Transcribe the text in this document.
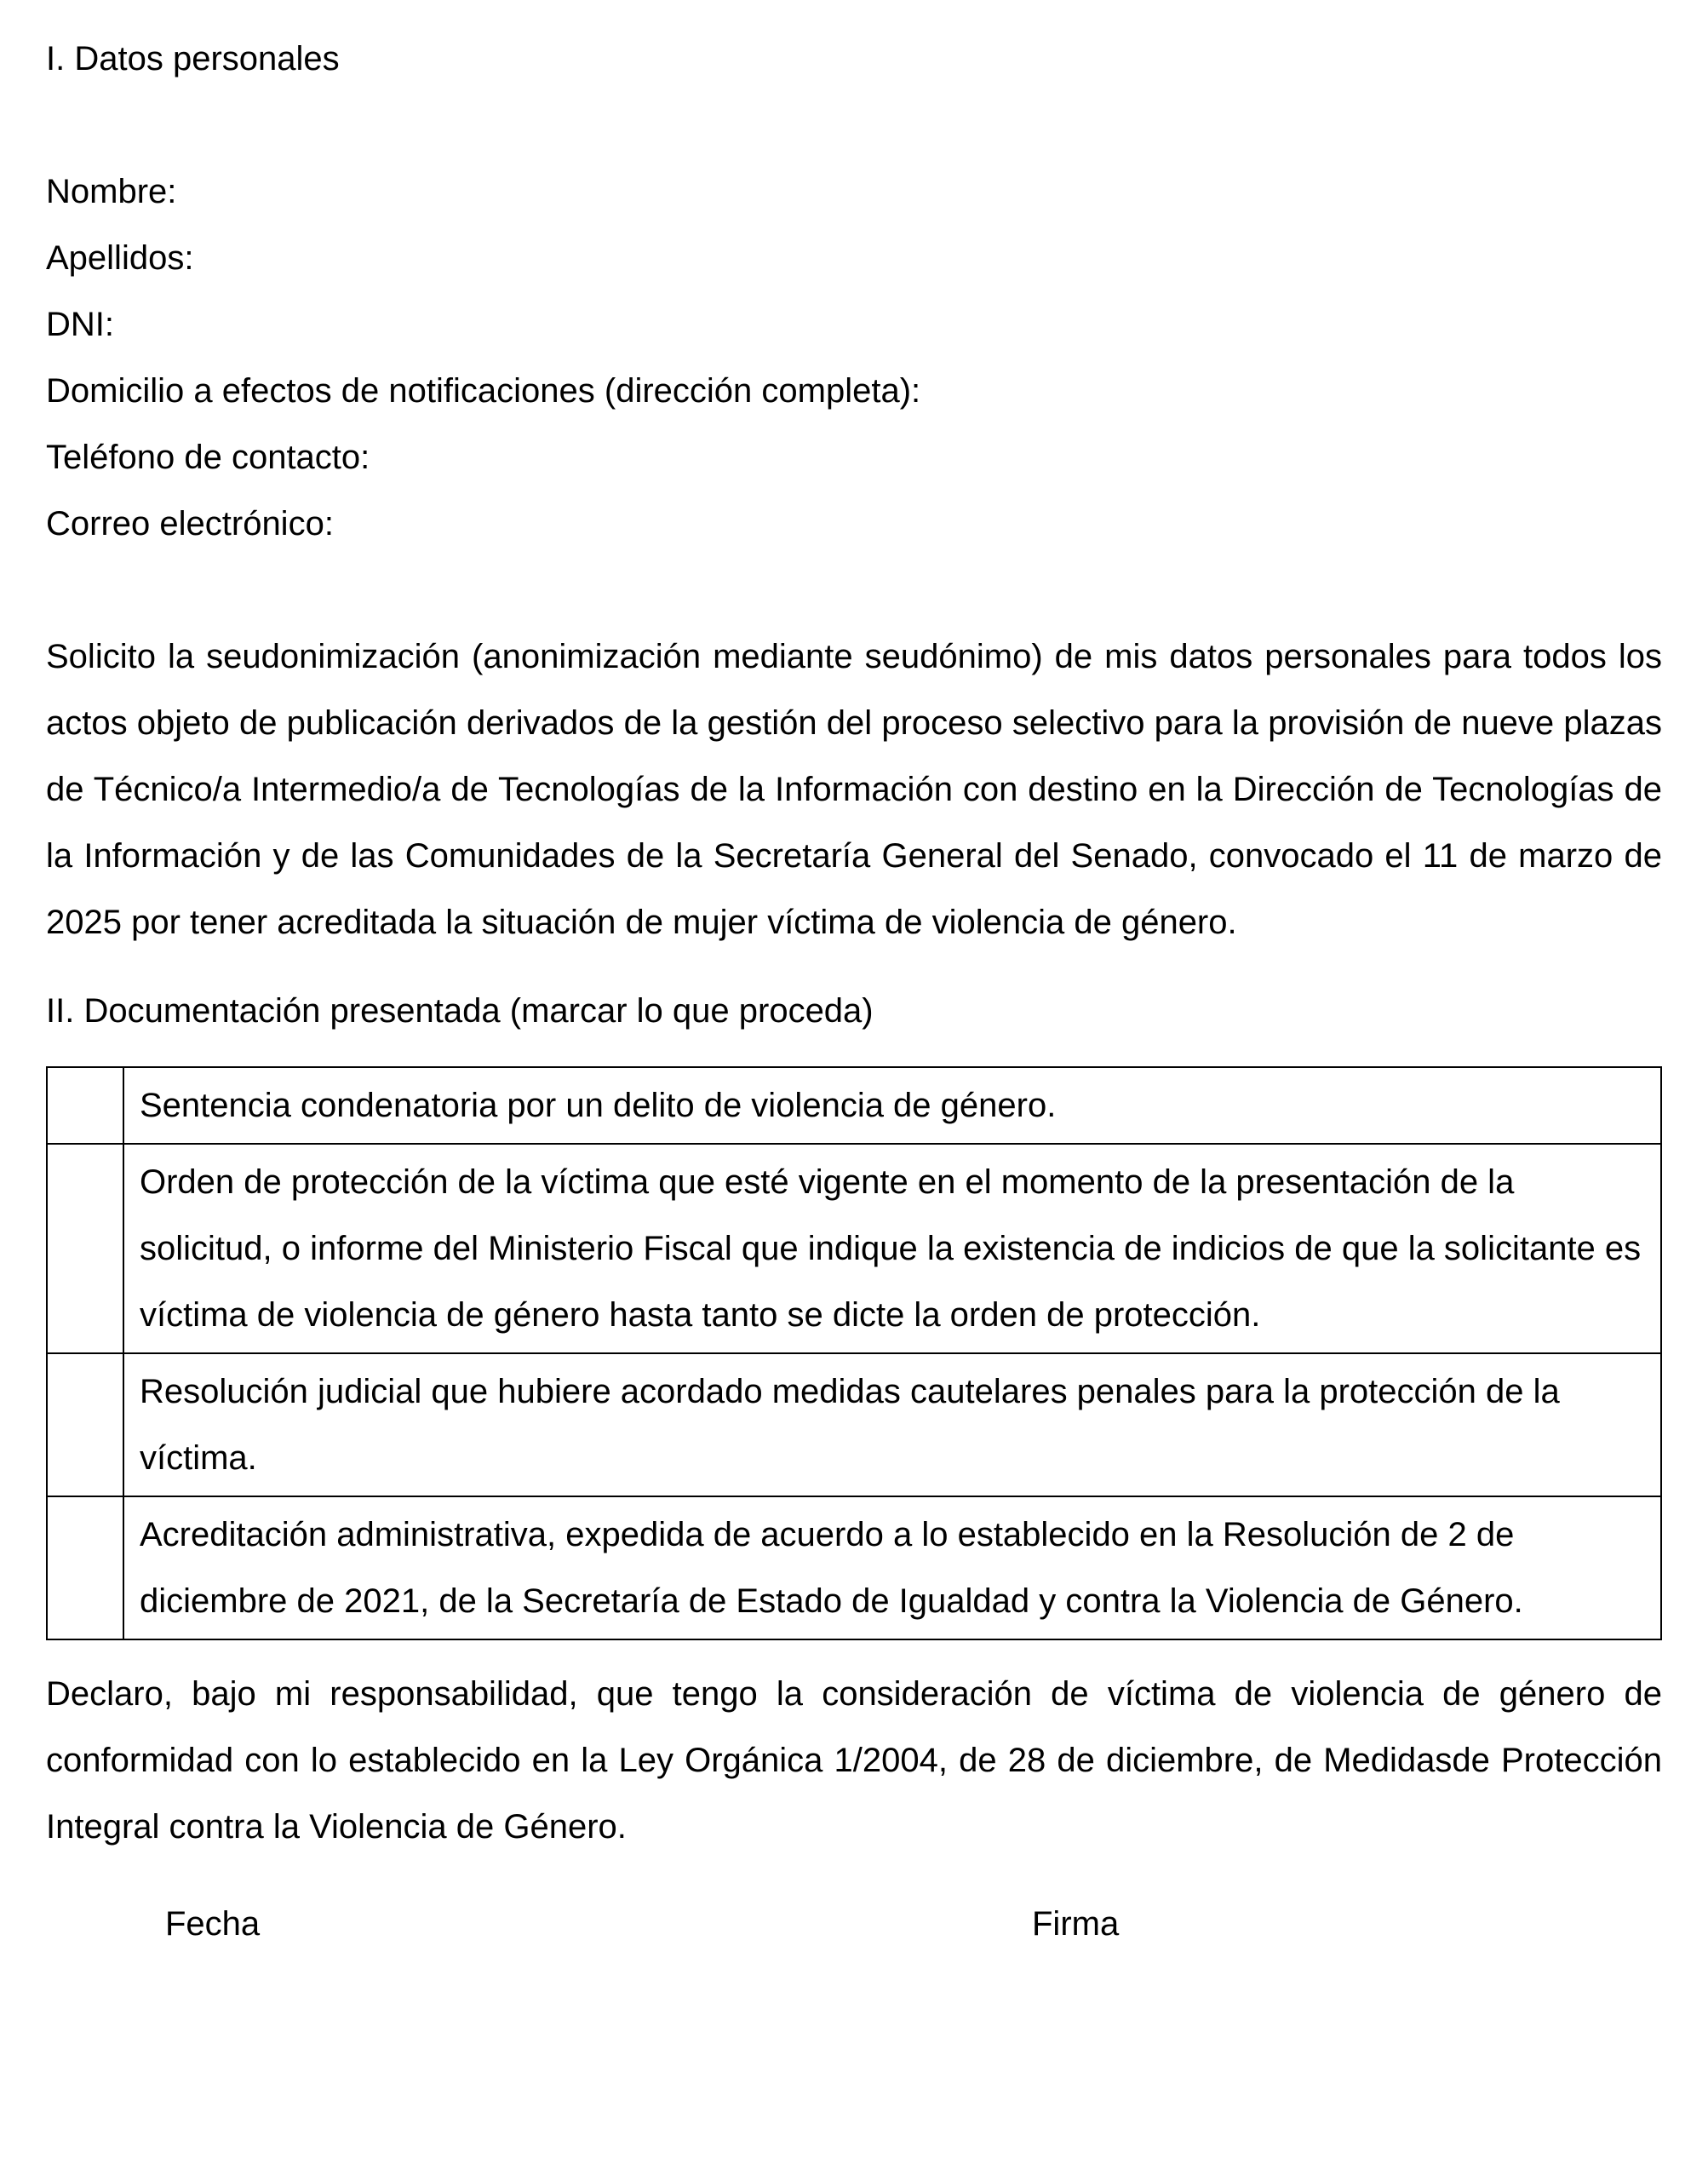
I. Datos personales
Nombre:
Apellidos:
DNI:
Domicilio a efectos de notificaciones (dirección completa):
Teléfono de contacto:
Correo electrónico:

Solicito la seudonimización (anonimización mediante seudónimo) de mis datos personales para todos los actos objeto de publicación derivados de la gestión del proceso selectivo para la provisión de nueve plazas de Técnico/a Intermedio/a de Tecnologías de la Información con destino en la Dirección de Tecnologías de la Información y de las Comunidades de la Secretaría General del Senado, convocado el 11 de marzo de 2025 por tener acreditada la situación de mujer víctima de violencia de género.

II. Documentación presentada (marcar lo que proceda)
	Sentencia condenatoria por un delito de violencia de género.
	Orden de protección de la víctima que esté vigente en el momento de la presentación de la solicitud, o informe del Ministerio Fiscal que indique la existencia de indicios de que la solicitante es víctima de violencia de género hasta tanto se dicte la orden de protección.
	Resolución judicial que hubiere acordado medidas cautelares penales para la protección de la víctima.
	Acreditación administrativa, expedida de acuerdo a lo establecido en la Resolución de 2 de diciembre de 2021, de la Secretaría de Estado de Igualdad y contra la Violencia de Género.

Declaro, bajo mi responsabilidad, que tengo la consideración de víctima de violencia de género de conformidad con lo establecido en la Ley Orgánica 1/2004, de 28 de diciembre, de Medidasde Protección Integral contra la Violencia de Género.

Fecha	Firma
